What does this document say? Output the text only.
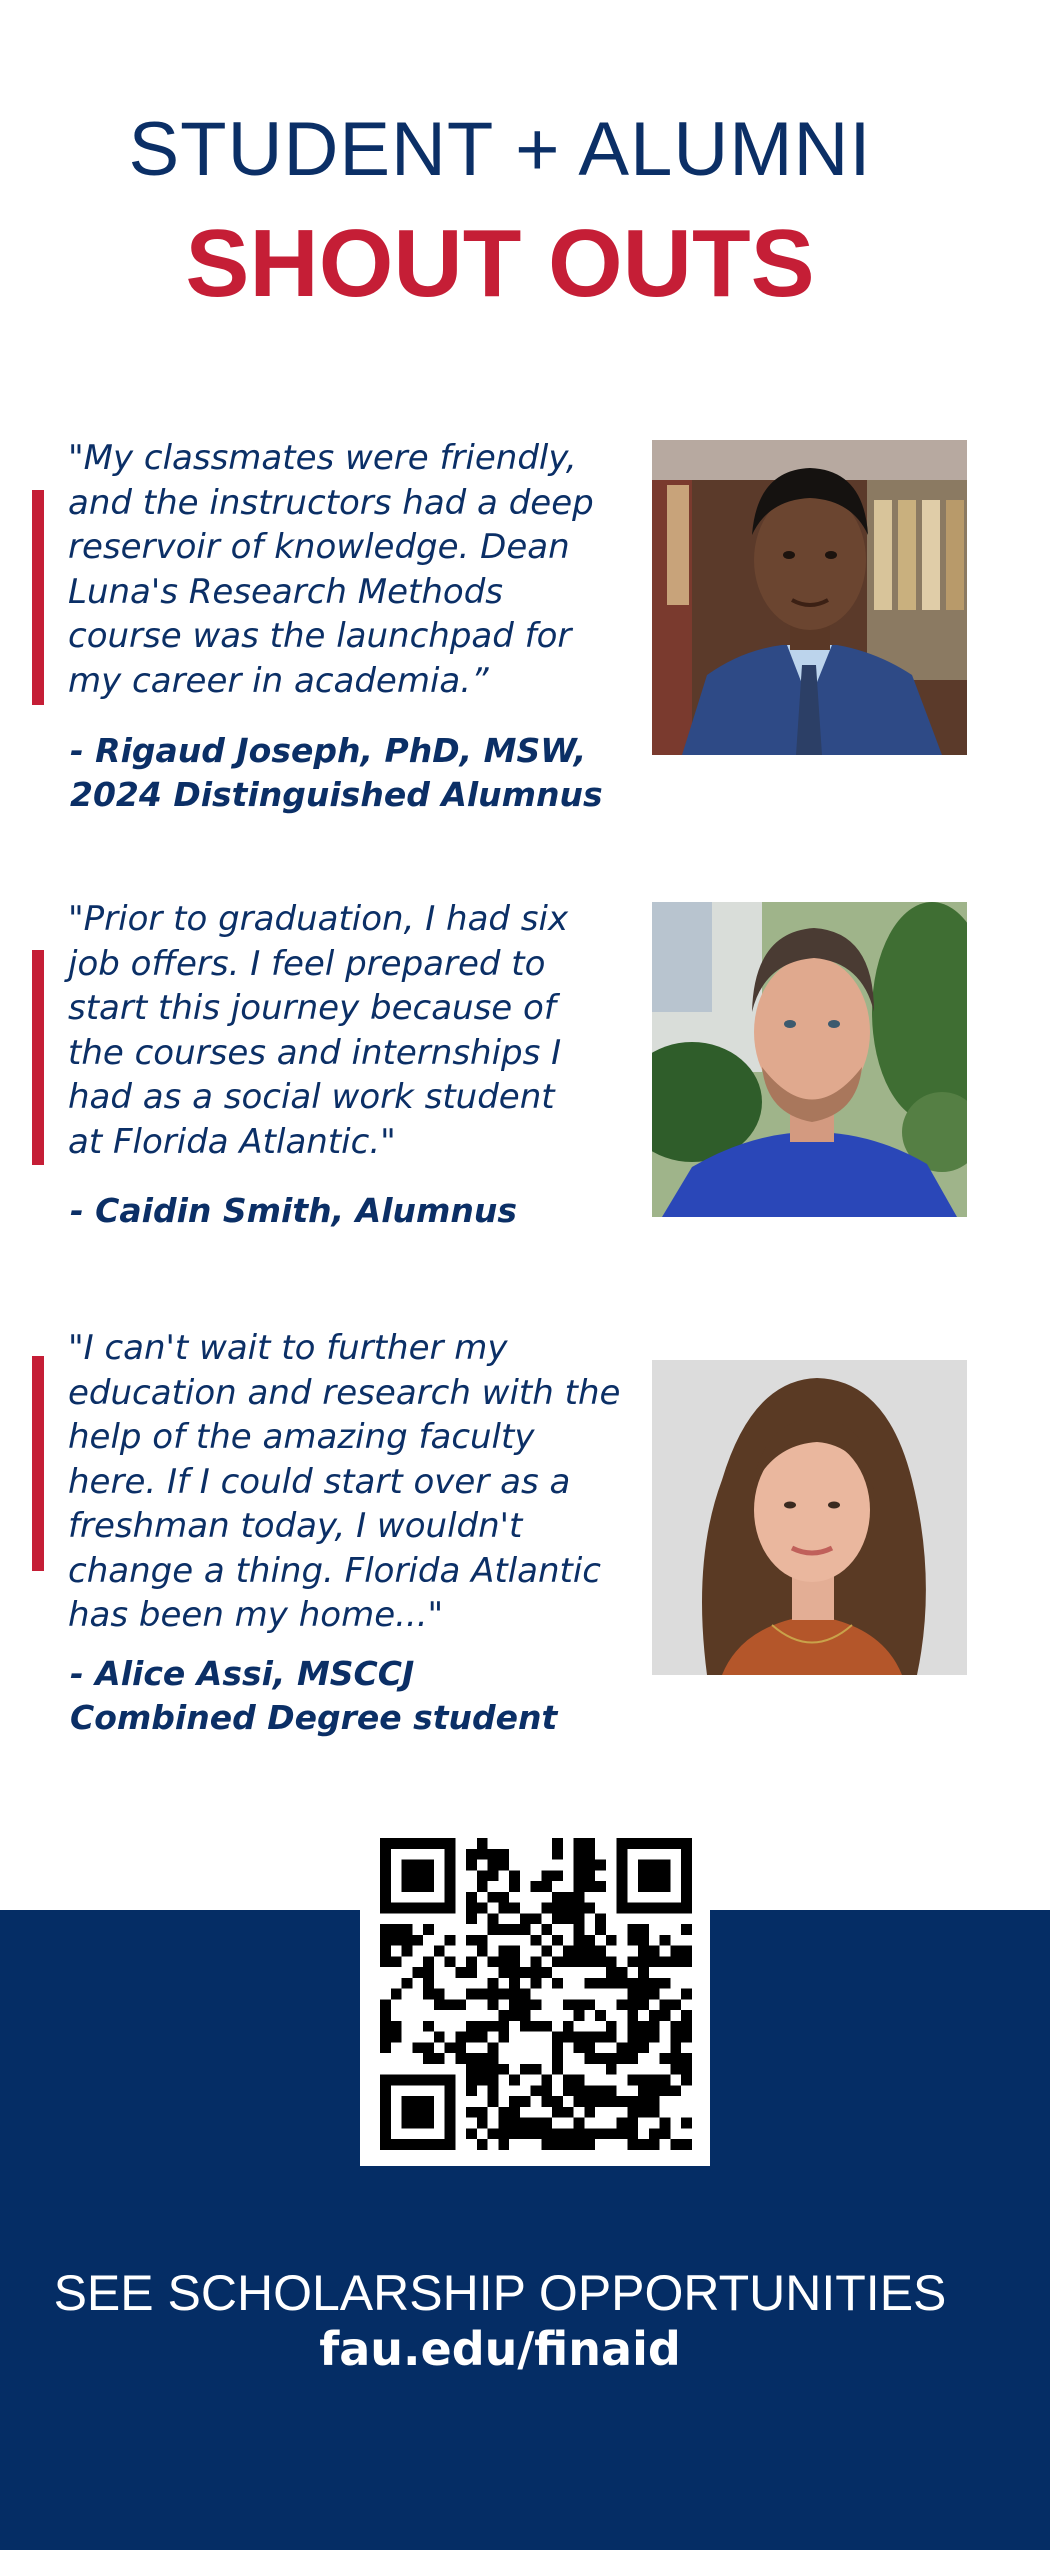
STUDENT + ALUMNI
SHOUT OUTS
"My classmates were friendly,
and the instructors had a deep
reservoir of knowledge. Dean
Luna's Research Methods
course was the launchpad for
my career in academia.”
- Rigaud Joseph, PhD, MSW,
2024 Distinguished Alumnus
"Prior to graduation, I had six
job offers. I feel prepared to
start this journey because of
the courses and internships I
had as a social work student
at Florida Atlantic."
- Caidin Smith, Alumnus
"I can't wait to further my
education and research with the
help of the amazing faculty
here. If I could start over as a
freshman today, I wouldn't
change a thing. Florida Atlantic
has been my home..."
- Alice Assi, MSCCJ
Combined Degree student
SEE SCHOLARSHIP OPPORTUNITIES
fau.edu/finaid
